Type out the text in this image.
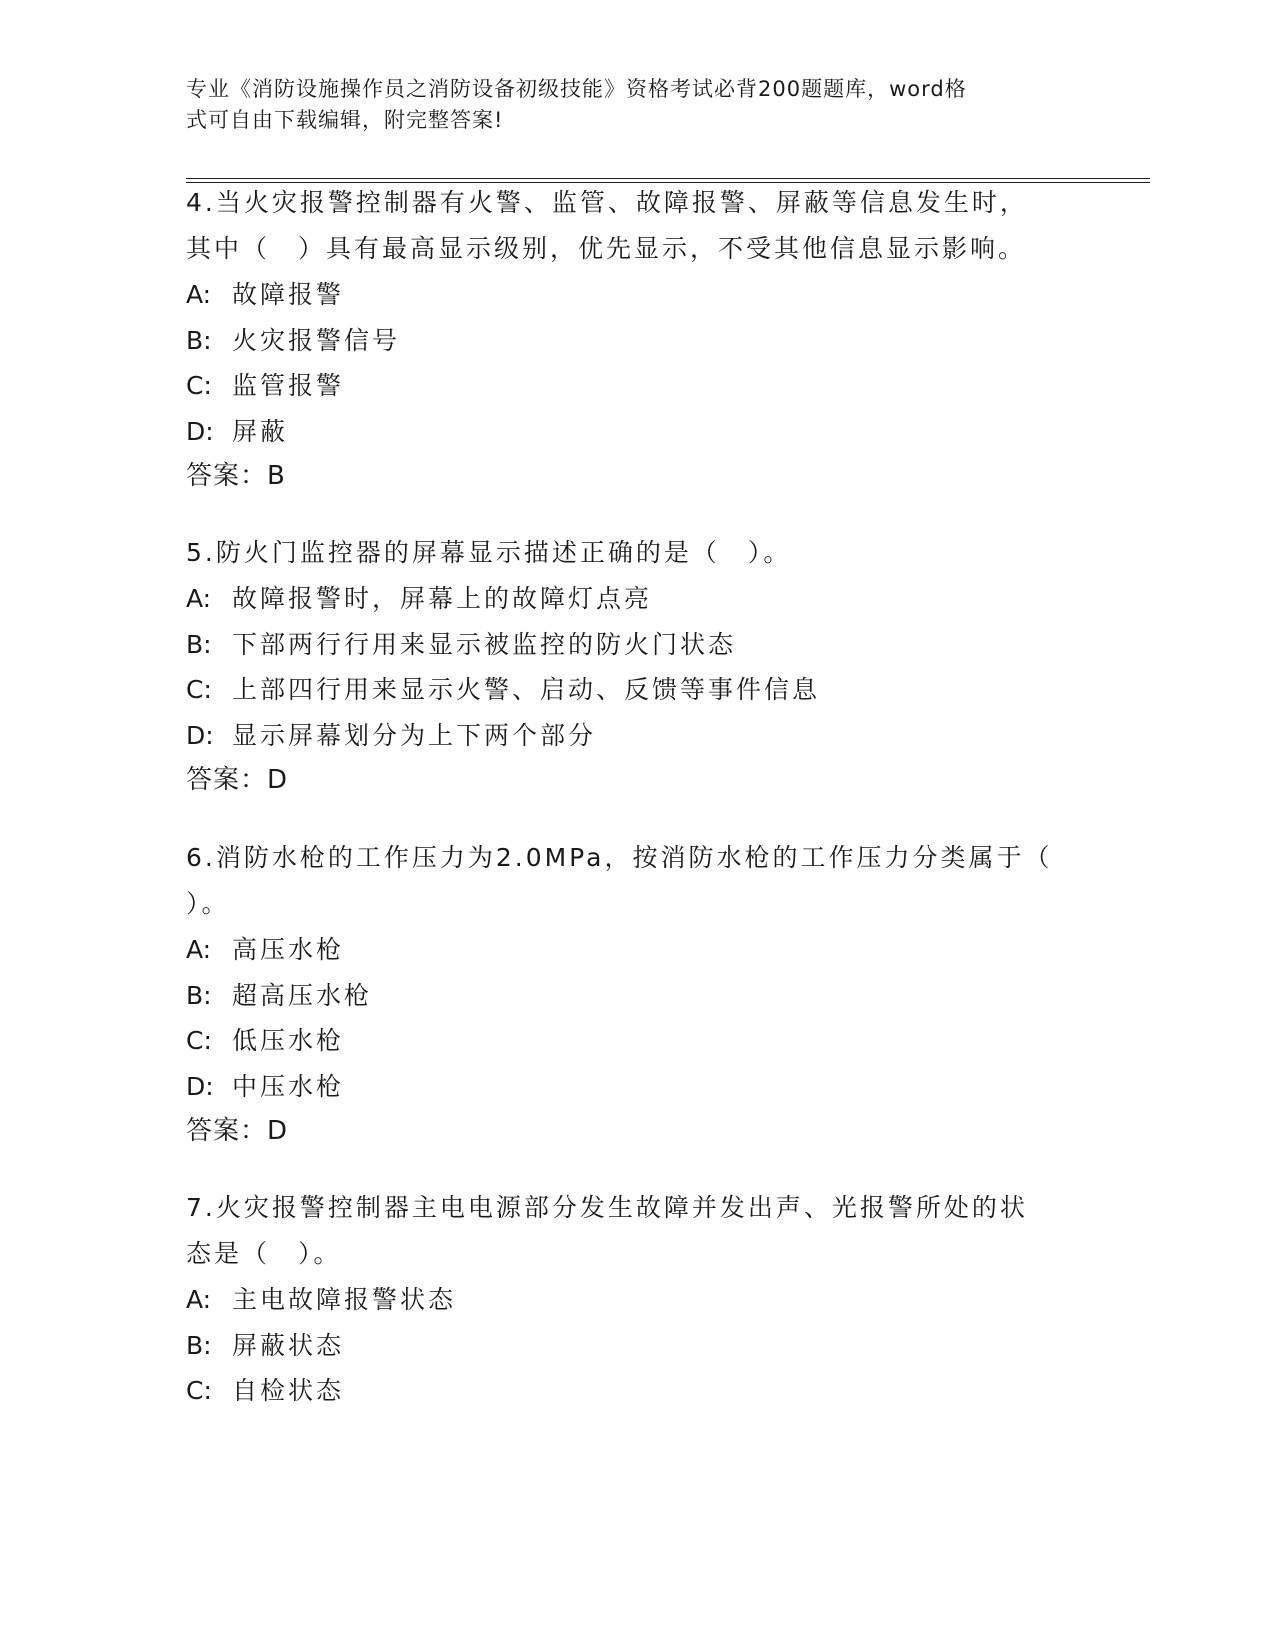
专业《消防设施操作员之消防设备初级技能》资格考试必背200题题库，word格
式可自由下载编辑，附完整答案!

4.当火灾报警控制器有火警、监管、故障报警、屏蔽等信息发生时，

其中（　）具有最高显示级别，优先显示，不受其他信息显示影响。

A: 故障报警

B: 火灾报警信号

C: 监管报警

D: 屏蔽

答案：B

5.防火门监控器的屏幕显示描述正确的是（　）。

A: 故障报警时，屏幕上的故障灯点亮

B: 下部两行行用来显示被监控的防火门状态

C: 上部四行用来显示火警、启动、反馈等事件信息

D: 显示屏幕划分为上下两个部分

答案：D

6.消防水枪的工作压力为2.0MPa，按消防水枪的工作压力分类属于（

）。

A: 高压水枪

B: 超高压水枪

C: 低压水枪

D: 中压水枪

答案：D

7.火灾报警控制器主电电源部分发生故障并发出声、光报警所处的状

态是（　）。

A: 主电故障报警状态

B: 屏蔽状态

C: 自检状态
